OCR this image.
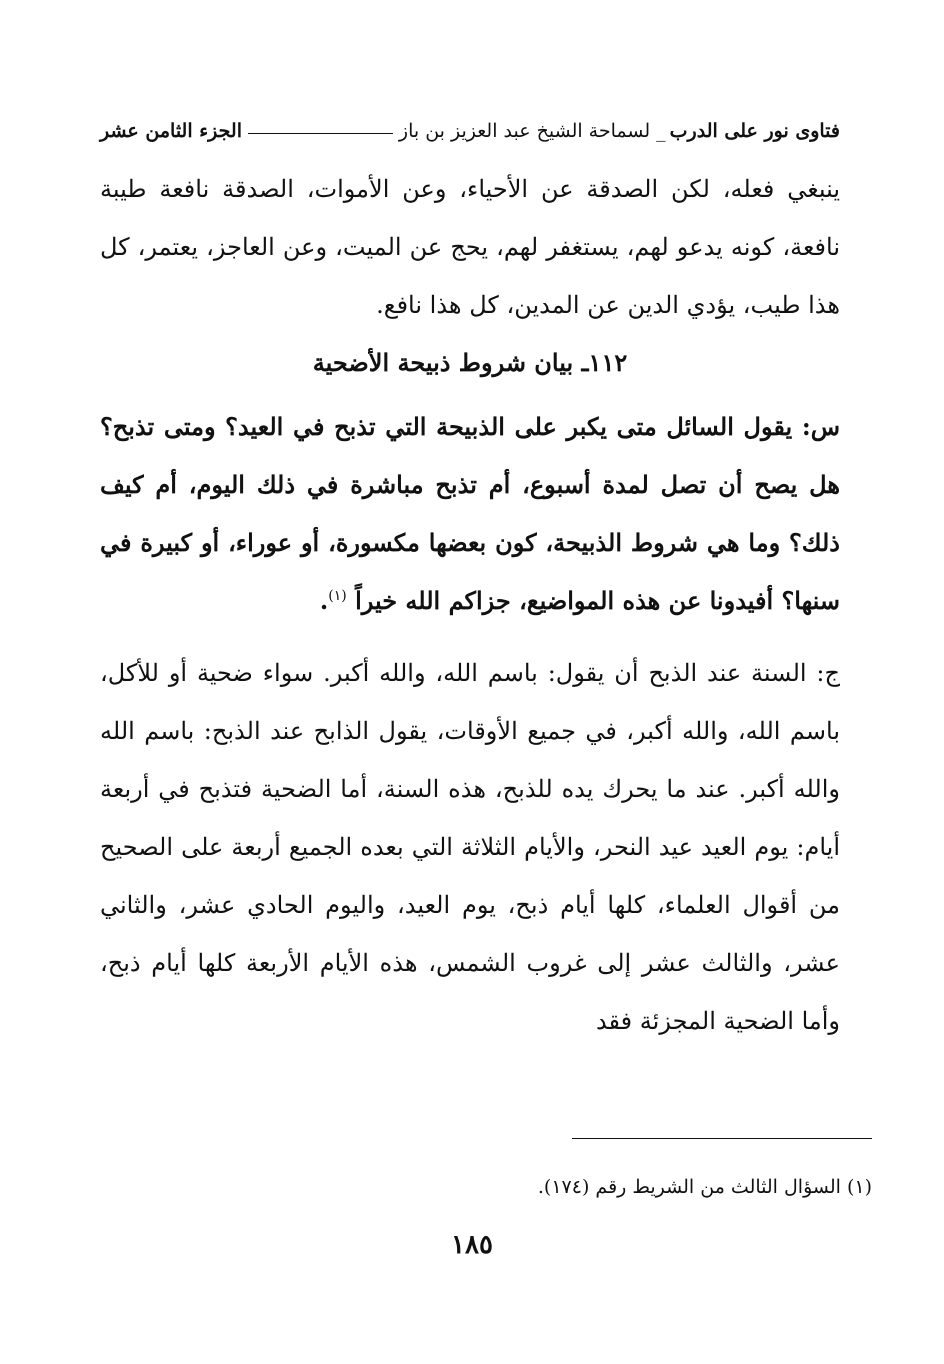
فتاوى نور على الدرب
_ لسماحة الشيخ عبد العزيز بن باز
الجزء الثامن عشر

ينبغي فعله، لكن الصدقة عن الأحياء، وعن الأموات، الصدقة نافعة طيبة نافعة، كونه يدعو لهم، يستغفر لهم، يحج عن الميت، وعن العاجز، يعتمر، كل هذا طيب، يؤدي الدين عن المدين، كل هذا نافع.

١١٢ـ بيان شروط ذبيحة الأضحية

س: يقول السائل متى يكبر على الذبيحة التي تذبح في العيد؟ ومتى تذبح؟ هل يصح أن تصل لمدة أسبوع، أم تذبح مباشرة في ذلك اليوم، أم كيف ذلك؟ وما هي شروط الذبيحة، كون بعضها مكسورة، أو عوراء، أو كبيرة في سنها؟ أفيدونا عن هذه المواضيع، جزاكم الله خيراً $^{(١)}$.

ج: السنة عند الذبح أن يقول: باسم الله، والله أكبر. سواء ضحية أو للأكل، باسم الله، والله أكبر، في جميع الأوقات، يقول الذابح عند الذبح: باسم الله والله أكبر. عند ما يحرك يده للذبح، هذه السنة، أما الضحية فتذبح في أربعة أيام: يوم العيد عيد النحر، والأيام الثلاثة التي بعده الجميع أربعة على الصحيح من أقوال العلماء، كلها أيام ذبح، يوم العيد، واليوم الحادي عشر، والثاني عشر، والثالث عشر إلى غروب الشمس، هذه الأيام الأربعة كلها أيام ذبح، وأما الضحية المجزئة فقد

(١) السؤال الثالث من الشريط رقم (١٧٤).
١٨٥
